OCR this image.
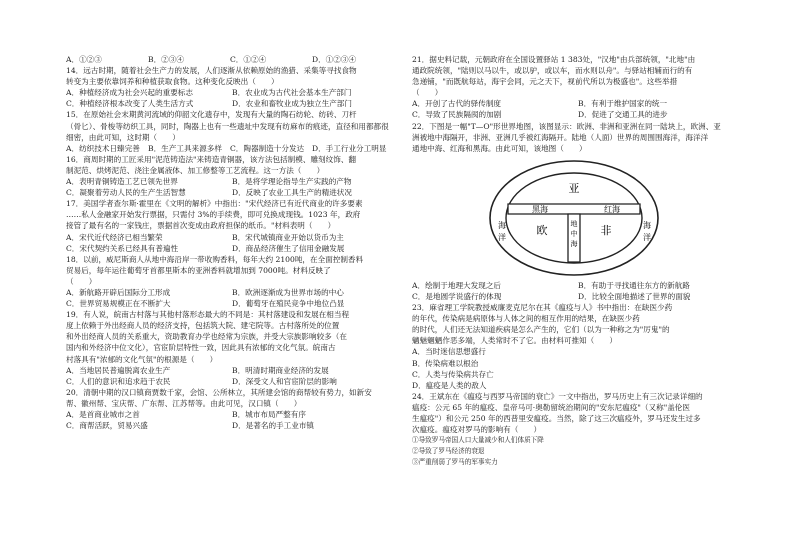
A．①②③	B．②③④	C．①②④	D．①②③④
14．远古时期，随着社会生产力的发展，人们逐渐从依赖原始的渔猎、采集等寻找食物
转变为主要依靠饲养和种植获取食物。这种变化反映出（　　）
A．种植经济成为社会兴起的重要标志	B．农业成为古代社会基本生产部门
C．种植经济根本改变了人类生活方式	D．农业和畜牧业成为独立生产部门
15．在原始社会末期黄河流域的仰韶文化遗存中，发现有大量的陶石纺轮、纺砖、刀杆
（骨匕）、骨梭等纺织工具，同时，陶器上也有一些遗址中发现有纺麻布的痕迹，直径和用都都很
细密，由此可知，这时期（　　）
A．纺织技术日臻完善	B．生产工具来源多样	C．陶器制造十分发达	D．手工行业分工明显
16．商周时期的工匠采用"泥范铸造法"来铸造青铜器，该方法包括制模、雕刻纹饰、翻
制泥范、烘烤泥范、浇注金属液体、加工修整等工艺流程。这一方法（　　）
A．表明青铜铸造工艺已领先世界	B．是将学理论指导生产实践的产物
C．凝聚着劳动人民的生产生活智慧	D．反映了农业工具生产的精进状况
17．美国学者查尔斯·霍里在《文明的解析》中指出："宋代经济已有近代商业的许多要素
……私人金融家开始发行票据，只需付 3%的手续费，即可兑换成现钱。1023 年，政府
接管了最有名的一家钱庄，票据首次变成由政府担保的纸币。"材料表明（　　）
A．宋代近代经济已相当繁荣	B．宋代城镇商业开始以货币为主
C．宋代契约关系已经具有普遍性	D．商品经济催生了信用金融发展
18．以前，威尼斯商人从地中海沿岸一带收购香料，每年大约 2100吨，在全面控制香料
贸易后，每年运往葡萄牙首都里斯本的亚洲香料就增加到 7000吨。材料反映了
（　　）
A．新航路开辟后国际分工形成	B．欧洲逐渐成为世界市场的中心
C．世界贸易规模正在不断扩大	D．葡萄牙在殖民竞争中地位凸显
19．有人说，皖南古村落与其他村落形态最大的不同是：其村落建设和发展在相当程
度上依赖于外出经商人员的经济支持，包括筑大院、建宅院等。古村落所处的位置
和外出经商人员的关系重大，资助教育办学也经常为宗族，并受大宗族影响较多（在
国内和外经济中位文化），官宦阶层特性一致，因此具有浓郁的文化气氛。皖南古
村落具有"浓郁的文化气氛"的根源是（　　）
A．当地居民普遍脱离农业生产	B．明清时期商业经济的发展
C．人们的意识和追求趋于农民	D．深受文人和官宦阶层的影响
20．清朝中期的汉口镇商贾数千家，会馆、公所林立，其所建会馆的商帮较有势力，如新安
帮、徽州帮、宝庆帮、广东帮、江苏帮等。由此可见，汉口镇（　　）
A．是首商业城市之首	B．城市布局严整有序
C．商帮活跃，贸易兴盛	D．是著名的手工业市镇
21．据史料记载，元朝政府在全国设置驿站 1 383处，"汉地"由兵部统领，"北地"由
通政院统领，"陆则以马以牛，或以驴，或以车，而水则以舟"。与驿站相辅而行的有
急递铺，"而既航每站，海宇会同，元之天下，视前代所以为极盛也"。这些举措
（　　）
A．开创了古代的驿传制度	B．有利于维护国家的统一
C．导致了民族隔阂的加剧	D．促进了交通工具的进步
22．下图是一幅"T—O"形世界地图，该图显示：欧洲、非洲和亚洲在同一陆块上，欧洲、亚
洲被地中海隔开，非洲、亚洲几乎被红海隔开。陆地（人面）世界的周围围海洋，海洋洋
通地中海、红海和黑海。由此可知，该地图（　　）
亚
欧	非
黑海	红海
海
洋
海
洋
地
中
海
A．绘制于地理大发现之后	B．有助于寻找通往东方的新航路
C．是地圆学说盛行的体现	D．比较全面地描述了世界的面貌
23．麻省理工学院教授威廉麦克尼尔在其《瘟疫与人》书中指出：在缺医少药
的年代，传染病是病原体与人体之间的相互作用的结果，在缺医少药
的时代，人们还无法知道疾病是怎么产生的，它们（以为一种称之为"厉鬼"的
魑魅魍魉作恶多端，人类常时不了它。由材料可推知（　　）
A．当时迷信思想盛行
B．传染病难以根治
C．人类与传染病共存亡
D．瘟疫是人类的敌人
24．王斌东在《瘟疫与西罗马帝国的衰亡》一文中指出，罗马历史上有三次记录详细的
瘟疫：公元 65 年的瘟疫、皇帝马可·奥勒留统治期间的"安东尼瘟疫"（又称"盖伦医
生瘟疫"）和公元 250 年的西普里安瘟疫。当然，除了这三次瘟疫外，罗马还发生过多
次瘟疫。瘟疫对罗马的影响有（　　）
①导致罗马帝国人口大量减少和人们体质下降
②导致了罗马经济的衰退
③严重削弱了罗马的军事实力
